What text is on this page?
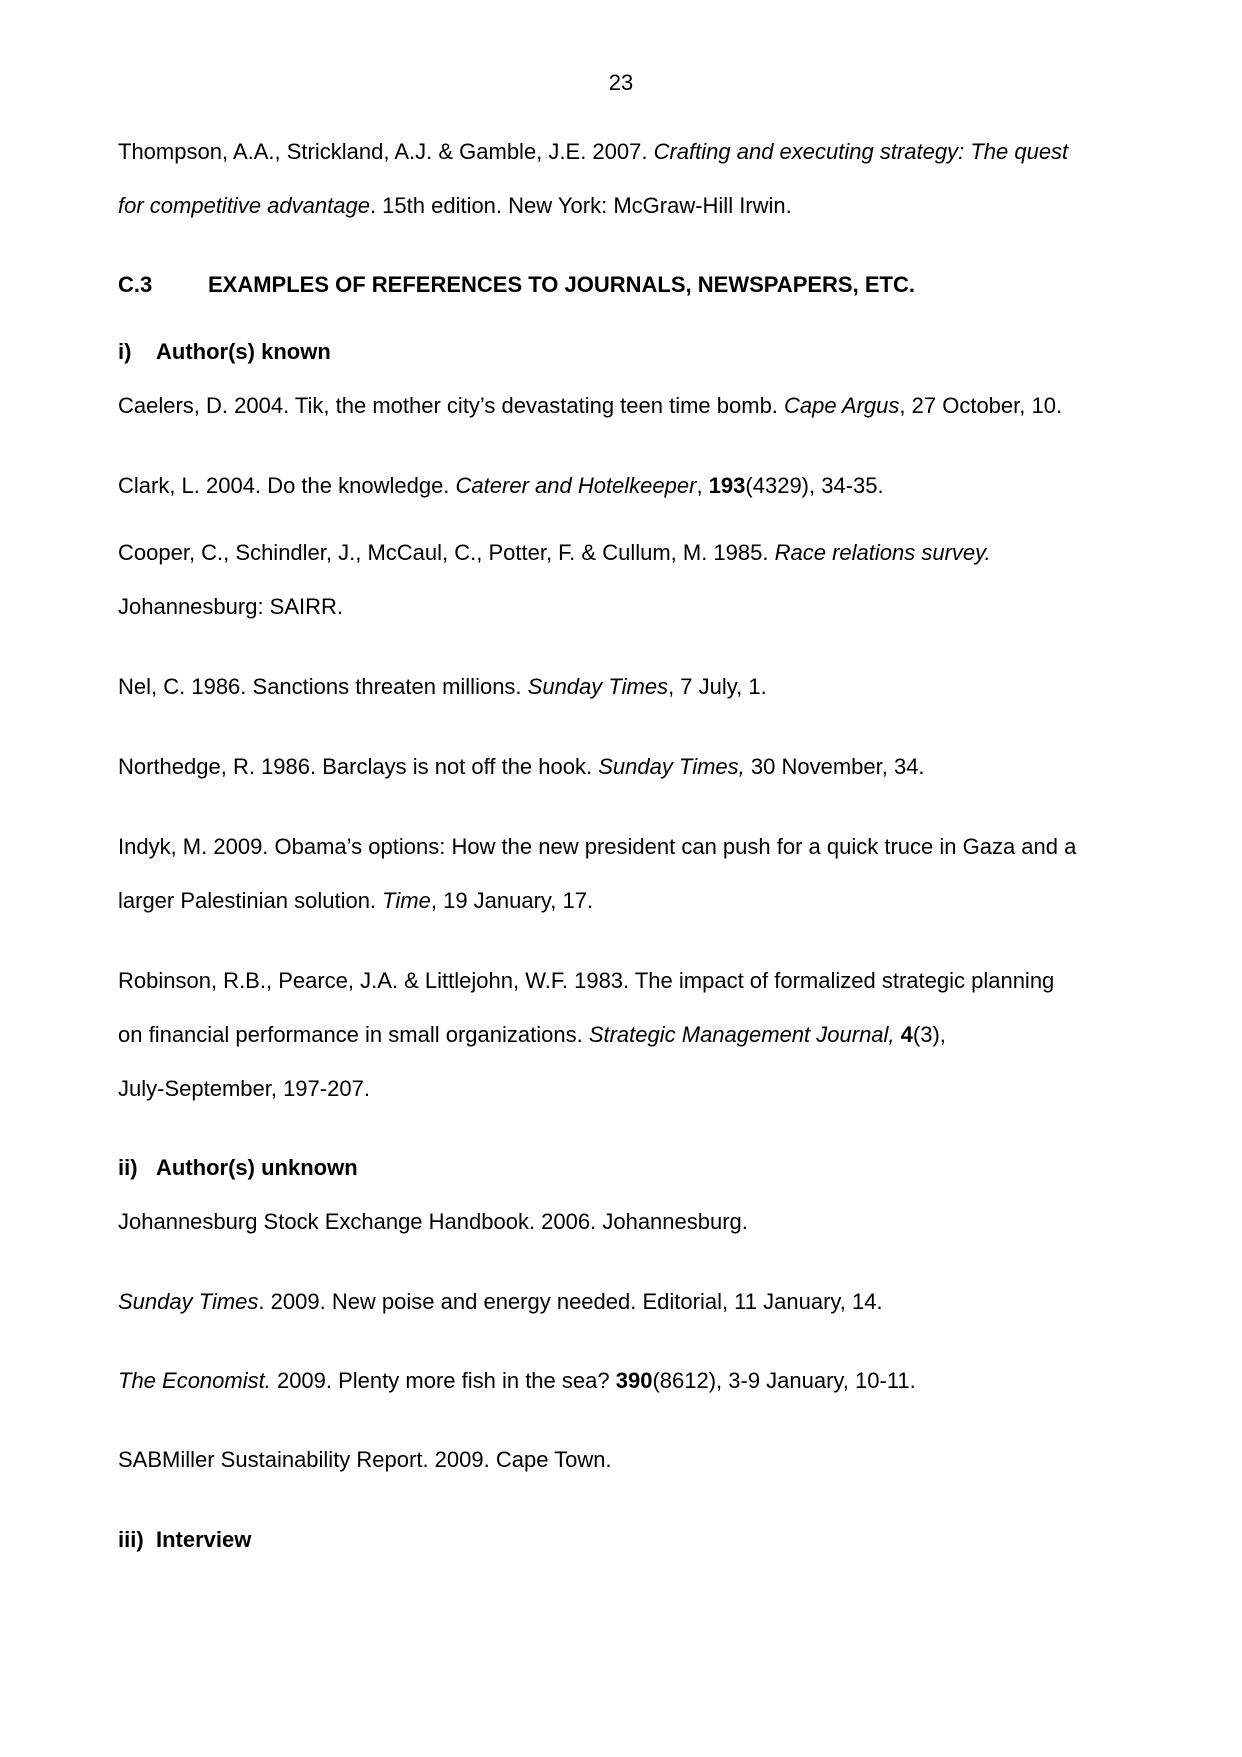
23
Thompson, A.A., Strickland, A.J. & Gamble, J.E. 2007. Crafting and executing strategy: The quest
for competitive advantage. 15th edition. New York: McGraw-Hill Irwin.
C.3	EXAMPLES OF REFERENCES TO JOURNALS, NEWSPAPERS, ETC.
i) Author(s) known
Caelers, D. 2004. Tik, the mother city’s devastating teen time bomb. Cape Argus, 27 October, 10.
Clark, L. 2004. Do the knowledge. Caterer and Hotelkeeper, 193(4329), 34-35.
Cooper, C., Schindler, J., McCaul, C., Potter, F. & Cullum, M. 1985. Race relations survey.
Johannesburg: SAIRR.
Nel, C. 1986. Sanctions threaten millions. Sunday Times, 7 July, 1.
Northedge, R. 1986. Barclays is not off the hook. Sunday Times, 30 November, 34.
Indyk, M. 2009. Obama’s options: How the new president can push for a quick truce in Gaza and a
larger Palestinian solution. Time, 19 January, 17.
Robinson, R.B., Pearce, J.A. & Littlejohn, W.F. 1983. The impact of formalized strategic planning
on financial performance in small organizations. Strategic Management Journal, 4(3),
July-September, 197-207.
ii) Author(s) unknown
Johannesburg Stock Exchange Handbook. 2006. Johannesburg.
Sunday Times. 2009. New poise and energy needed. Editorial, 11 January, 14.
The Economist. 2009. Plenty more fish in the sea? 390(8612), 3-9 January, 10-11.
SABMiller Sustainability Report. 2009. Cape Town.
iii) Interview
